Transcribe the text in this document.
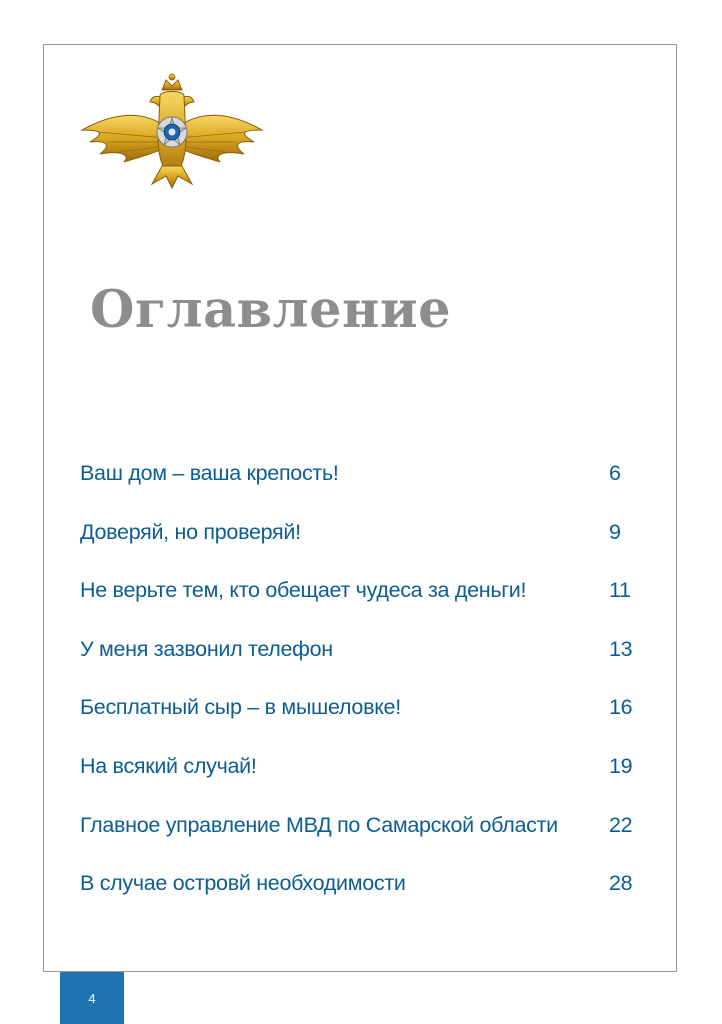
Оглавление
Ваш дом – ваша крепость!	6
Доверяй, но проверяй!	9
Не верьте тем, кто обещает чудеса за деньги!	11
У меня зазвонил телефон	13
Бесплатный сыр – в мышеловке!	16
На всякий случай!	19
Главное управление МВД по Самарской области 22
В случае островй необходимости	28
4
